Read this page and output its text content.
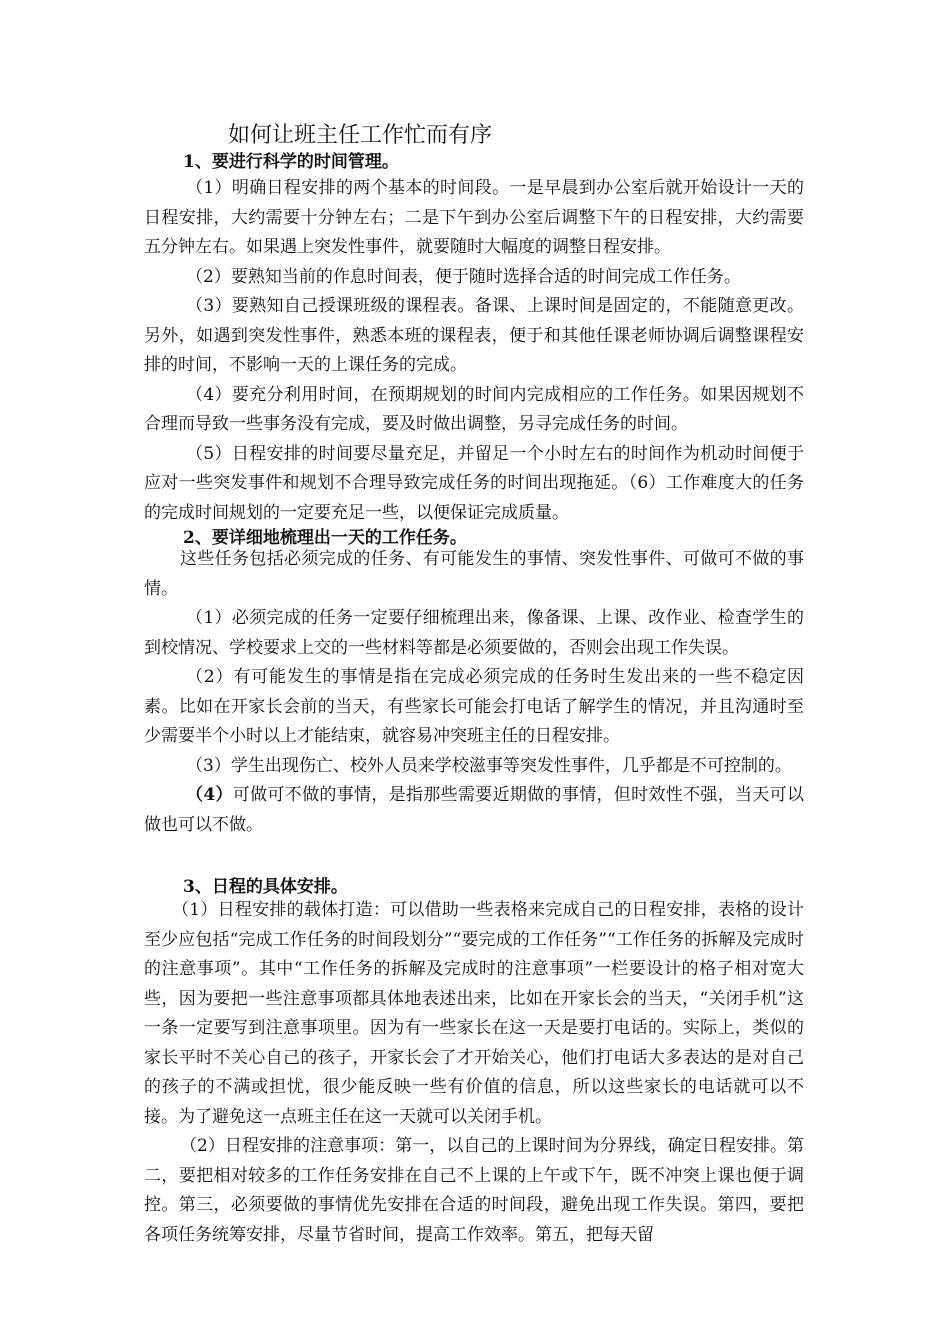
如何让班主任工作忙而有序
1、要进行科学的时间管理。

（1）明确日程安排的两个基本的时间段。一是早晨到办公室后就开始设计一天的日程安排，大约需要十分钟左右；二是下午到办公室后调整下午的日程安排，大约需要五分钟左右。如果遇上突发性事件，就要随时大幅度的调整日程安排。

（2）要熟知当前的作息时间表，便于随时选择合适的时间完成工作任务。

（3）要熟知自己授课班级的课程表。备课、上课时间是固定的，不能随意更改。另外，如遇到突发性事件，熟悉本班的课程表，便于和其他任课老师协调后调整课程安排的时间，不影响一天的上课任务的完成。

（4）要充分利用时间，在预期规划的时间内完成相应的工作任务。如果因规划不合理而导致一些事务没有完成，要及时做出调整，另寻完成任务的时间。

（5）日程安排的时间要尽量充足，并留足一个小时左右的时间作为机动时间便于应对一些突发事件和规划不合理导致完成任务的时间出现拖延。（6）工作难度大的任务的完成时间规划的一定要充足一些，以便保证完成质量。

2、要详细地梳理出一天的工作任务。

这些任务包括必须完成的任务、有可能发生的事情、突发性事件、可做可不做的事情。

（1）必须完成的任务一定要仔细梳理出来，像备课、上课、改作业、检查学生的到校情况、学校要求上交的一些材料等都是必须要做的，否则会出现工作失误。

（2）有可能发生的事情是指在完成必须完成的任务时生发出来的一些不稳定因素。比如在开家长会前的当天，有些家长可能会打电话了解学生的情况，并且沟通时至少需要半个小时以上才能结束，就容易冲突班主任的日程安排。

（3）学生出现伤亡、校外人员来学校滋事等突发性事件，几乎都是不可控制的。

（4）可做可不做的事情，是指那些需要近期做的事情，但时效性不强，当天可以做也可以不做。

3、日程的具体安排。

（1）日程安排的载体打造：可以借助一些表格来完成自己的日程安排，表格的设计至少应包括“完成工作任务的时间段划分”“要完成的工作任务”“工作任务的拆解及完成时的注意事项”。其中“工作任务的拆解及完成时的注意事项”一栏要设计的格子相对宽大些，因为要把一些注意事项都具体地表述出来，比如在开家长会的当天，“关闭手机”这一条一定要写到注意事项里。因为有一些家长在这一天是要打电话的。实际上，类似的家长平时不关心自己的孩子，开家长会了才开始关心，他们打电话大多表达的是对自己的孩子的不满或担忧，很少能反映一些有价值的信息，所以这些家长的电话就可以不接。为了避免这一点班主任在这一天就可以关闭手机。

（2）日程安排的注意事项：第一，以自己的上课时间为分界线，确定日程安排。第二，要把相对较多的工作任务安排在自己不上课的上午或下午，既不冲突上课也便于调控。第三，必须要做的事情优先安排在合适的时间段，避免出现工作失误。第四，要把各项任务统筹安排，尽量节省时间，提高工作效率。第五，把每天留
